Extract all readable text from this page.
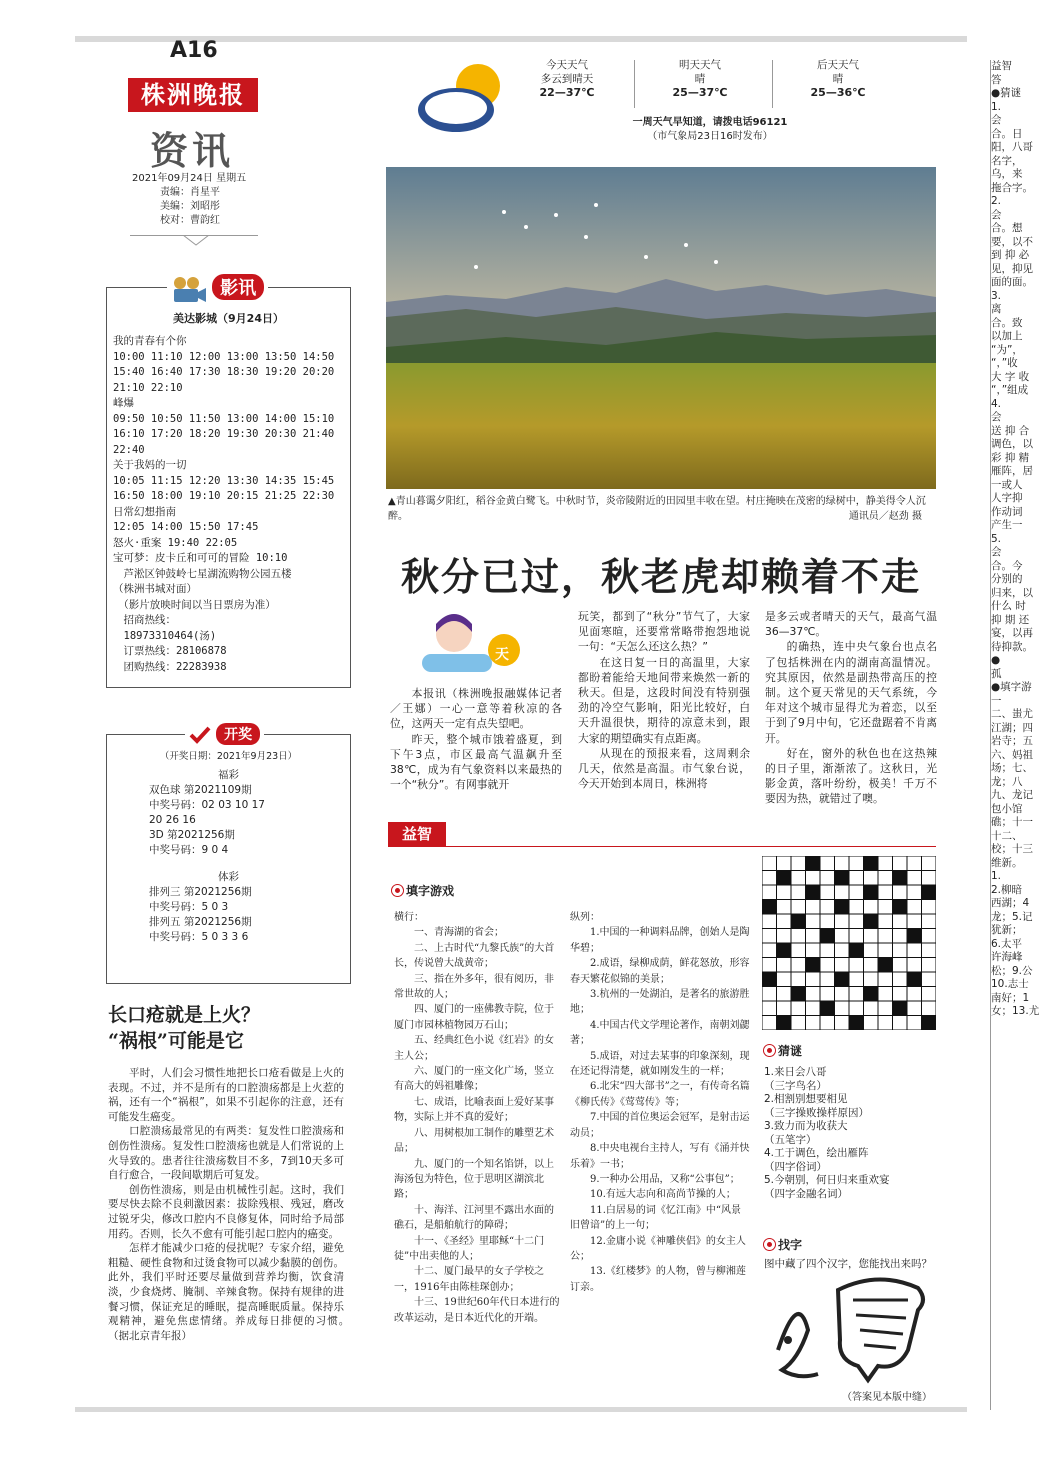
A16
株洲晚报
资讯
2021年09月24日 星期五
责编：肖星平
美编：刘昭彤
校对：曹韵红
影讯
美达影城（9月24日）
我的青春有个你
10:00 11:10 12:00 13:00 13:50 14:50
15:40 16:40 17:30 18:30 19:20 20:20
21:10 22:10
峰爆
09:50 10:50 11:50 13:00 14:00 15:10
16:10 17:20 18:20 19:30 20:30 21:40
22:40
关于我妈的一切
10:05 11:15 12:20 13:30 14:35 15:45
16:50 18:00 19:10 20:15 21:25 22:30
日常幻想指南
12:05 14:00 15:50 17:45
怒火·重案 19:40 22:05
宝可梦：皮卡丘和可可的冒险 10:10
　芦淞区钟鼓岭七星湖流购物公园五楼
（株洲书城对面）
　（影片放映时间以当日票房为准）
　招商热线：
　18973310464(汤)
　订票热线：28106878
　团购热线：22283938
开奖
（开奖日期：2021年9月23日）
福彩
双色球 第2021109期
中奖号码：02 03 10 17
20 26 16
3D 第2021256期
中奖号码：9 0 4
体彩
排列三 第2021256期
中奖号码：5 0 3
排列五 第2021256期
中奖号码：5 0 3 3 6
长口疮就是上火？
“祸根”可能是它

平时，人们会习惯性地把长口疮看做是上火的表现。不过，并不是所有的口腔溃疡都是上火惹的祸，还有一个“祸根”，如果不引起你的注意，还有可能发生癌变。

口腔溃疡最常见的有两类：复发性口腔溃疡和创伤性溃疡。复发性口腔溃疡也就是人们常说的上火导致的。患者往往溃疡数目不多，7到10天多可自行愈合，一段间歇期后可复发。

创伤性溃疡，则是由机械性引起。这时，我们要尽快去除不良刺激因素：拔除残根、残冠，磨改过锐牙尖，修改口腔内不良修复体，同时给予局部用药。否则，长久不愈有可能引起口腔内的癌变。

怎样才能减少口疮的侵扰呢？专家介绍，避免粗糙、硬性食物和过烫食物可以减少黏膜的创伤。此外，我们平时还要尽量做到营养均衡，饮食清淡，少食烧烤、腌制、辛辣食物。保持有规律的进餐习惯，保证充足的睡眠，提高睡眠质量。保持乐观精神，避免焦虑情绪。养成每日排便的习惯。　　（据北京青年报）

今天天气
多云到晴天
22—37℃
明天天气
晴
25—37℃
后天天气
晴
25—36℃
一周天气早知道，请拨电话96121
（市气象局23日16时发布）
▲青山暮霭夕阳红，稻谷金黄白鹭飞。中秋时节，炎帝陵附近的田园里丰收在望。村庄掩映在茂密的绿树中，静美得令人沉醉。	通讯员／赵劲 摄
秋分已过，秋老虎却赖着不走
天

本报讯（株洲晚报融媒体记者／王娜）一心一意等着秋凉的各位，这两天一定有点失望吧。

昨天，整个城市饿着盛夏，到下午3点，市区最高气温飙升至38℃，成为有气象资料以来最热的一个“秋分”。有网事就开

玩笑，都到了“秋分”节气了，大家见面寒暄，还要常常略带抱怨地说一句：“天怎么还这么热？”

在这日复一日的高温里，大家都盼着能给天地间带来焕然一新的秋天。但是，这段时间没有特别强劲的冷空气影响，阳光比较好，白天升温很快，期待的凉意未到，跟大家的期望确实有点距离。

从现在的预报来看，这周剩余几天，依然是高温。市气象台说，今天开始到本周日，株洲将

是多云或者晴天的天气，最高气温36—37℃。

的确热，连中央气象台也点名了包括株洲在内的湖南高温情况。究其原因，依然是副热带高压的控制。这个夏天常见的天气系统，今年对这个城市显得尤为着恋，以至于到了9月中旬，它还盘踞着不肯离开。

好在，窗外的秋色也在这热辣的日子里，渐渐浓了。这秋日，光影金黄，落叶纷纷，极美！千万不要因为热，就错过了噢。

益智
填字游戏
横行：
一、青海湖的省会；
二、上古时代“九黎氏族”的大首长，传说曾大战黄帝；
三、指在外多年，很有阅历，非常世故的人；
四、厦门的一座佛教寺院，位于厦门市园林植物园万石山；
五、经典红色小说《红岩》的女主人公；
六、厦门的一座文化广场，竖立有高大的妈祖雕像；
七、成语，比喻表面上爱好某事物，实际上并不真的爱好；
八、用树根加工制作的雕塑艺术品；
九、厦门的一个知名馅饼，以上海汤包为特色，位于思明区湖滨北路；
十、海洋、江河里不露出水面的礁石，是船舶航行的障碍；
十一、《圣经》里耶稣“十二门徒”中出卖他的人；
十二、厦门最早的女子学校之一，1916年由陈桂琛创办；
十三、19世纪60年代日本进行的改革运动，是日本近代化的开端。
纵列：
1.中国的一种调料品牌，创始人是陶华碧；
2.成语，绿柳成荫，鲜花怒放，形容春天繁花似锦的美景；
3.杭州的一处湖泊，是著名的旅游胜地；
4.中国古代文学理论著作，南朝刘勰著；
5.成语，对过去某事的印象深刻，现在还记得清楚，就如刚发生的一样；
6.北宋“四大部书”之一，有传奇名篇《柳氏传》《莺莺传》等；
7.中国的首位奥运会冠军，是射击运动员；
8.中央电视台主持人，写有《涌并快乐着》一书；
9.一种办公用品，又称“公事包”；
10.有远大志向和高尚节操的人；
11.白居易的词《忆江南》中“风景旧曾谙”的上一句；
12.金庸小说《神雕侠侣》的女主人公；
13.《红楼梦》的人物，曾与柳湘莲订亲。
猜谜
1.来日会八哥
（三字鸟名）
2.相割别想要相见
（三字操败操样原因）
3.致力而为收获大
（五笔字）
4.工于调色，绘出雁阵
（四字俗词）
5.今朝别，何日归来重欢宴
（四字金融名词）
找字
图中藏了四个汉字，您能找出来吗？
（答案见本版中缝）
益智
答
●猜谜
1.
会
合。日
阳，八哥
名字，
乌，来
拖合字。
2.
会
合。想
要，以不
到 抑 必
见，抑见
面的面。
3.
离
合。致
以加上
“为”，
“，”收
大 字 收
“，”组成
4.
会
送 抑 合
调色，以
彩 抑 精
雁阵，居
一或人
人字抑
作动词
产生一
5.
会
合。今
分别的
归来，以
什么 时
抑 期 还
宴，以再
待抑款。
●
孤
●填字游
一
二、蚩尤
江湖；四
岩寺；五
六、妈祖
场；七、
龙；八
九、龙记
包小馆
礁；十一
十二、
校；十三
维新。
1.
2.柳暗
西湖；4
龙；5.记
犹新；
6.太平
许海峰
松；9.公
10.志士
南好；1
女；13.尤
